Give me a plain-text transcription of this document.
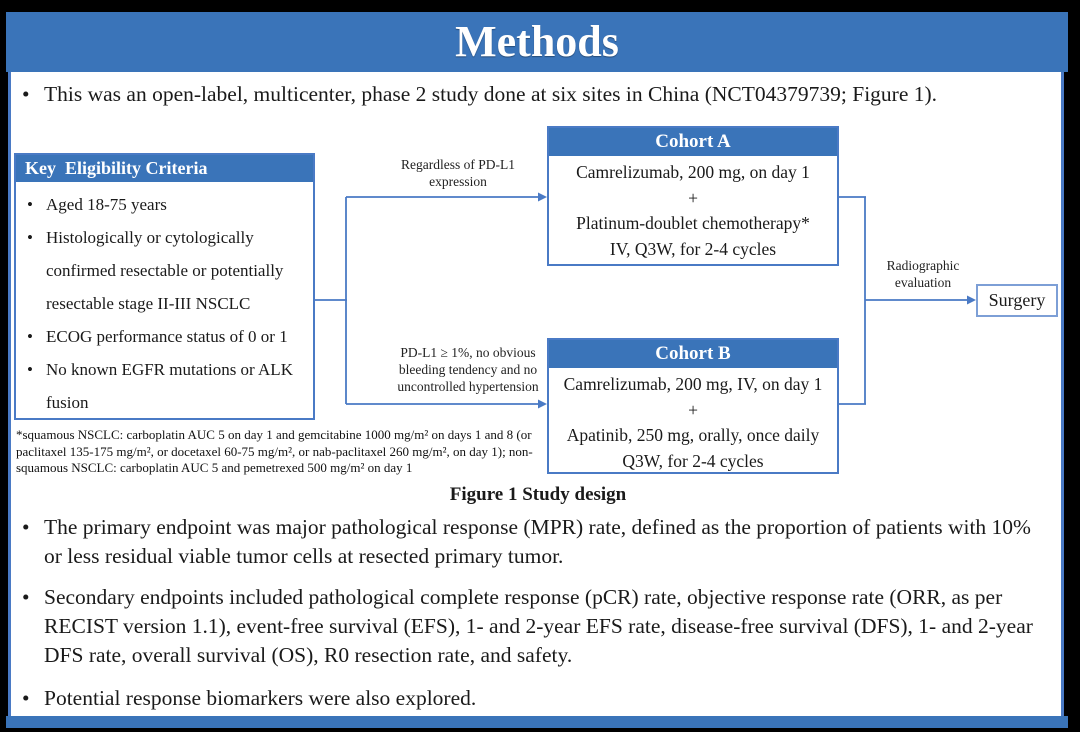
Methods
• This was an open-label, multicenter, phase 2 study done at six sites in China (NCT04379739; Figure 1).
Key  Eligibility Criteria
• Aged 18-75 years
• Histologically or cytologically confirmed resectable or potentially resectable stage II-III NSCLC
• ECOG performance status of 0 or 1
• No known EGFR mutations or ALK fusion
Regardless of PD-L1 expression
PD-L1 ≥ 1%, no obvious bleeding tendency and no uncontrolled hypertension
Cohort A
Camrelizumab, 200 mg, on day 1
+
Platinum-doublet chemotherapy*
IV, Q3W, for 2-4 cycles
Cohort B
Camrelizumab, 200 mg, IV, on day 1
+
Apatinib, 250 mg, orally, once daily
Q3W, for 2-4 cycles
Radiographic evaluation
Surgery
*squamous NSCLC: carboplatin AUC 5 on day 1 and gemcitabine 1000 mg/m² on days 1 and 8 (or paclitaxel 135-175 mg/m², or docetaxel 60-75 mg/m², or nab-paclitaxel 260 mg/m², on day 1); non-squamous NSCLC: carboplatin AUC 5 and pemetrexed 500 mg/m² on day 1
Figure 1 Study design
• The primary endpoint was major pathological response (MPR) rate, defined as the proportion of patients with 10% or less residual viable tumor cells at resected primary tumor.
• Secondary endpoints included pathological complete response (pCR) rate, objective response rate (ORR, as per RECIST version 1.1), event-free survival (EFS), 1- and 2-year EFS rate, disease-free survival (DFS), 1- and 2-year DFS rate, overall survival (OS), R0 resection rate, and safety.
• Potential response biomarkers were also explored.
